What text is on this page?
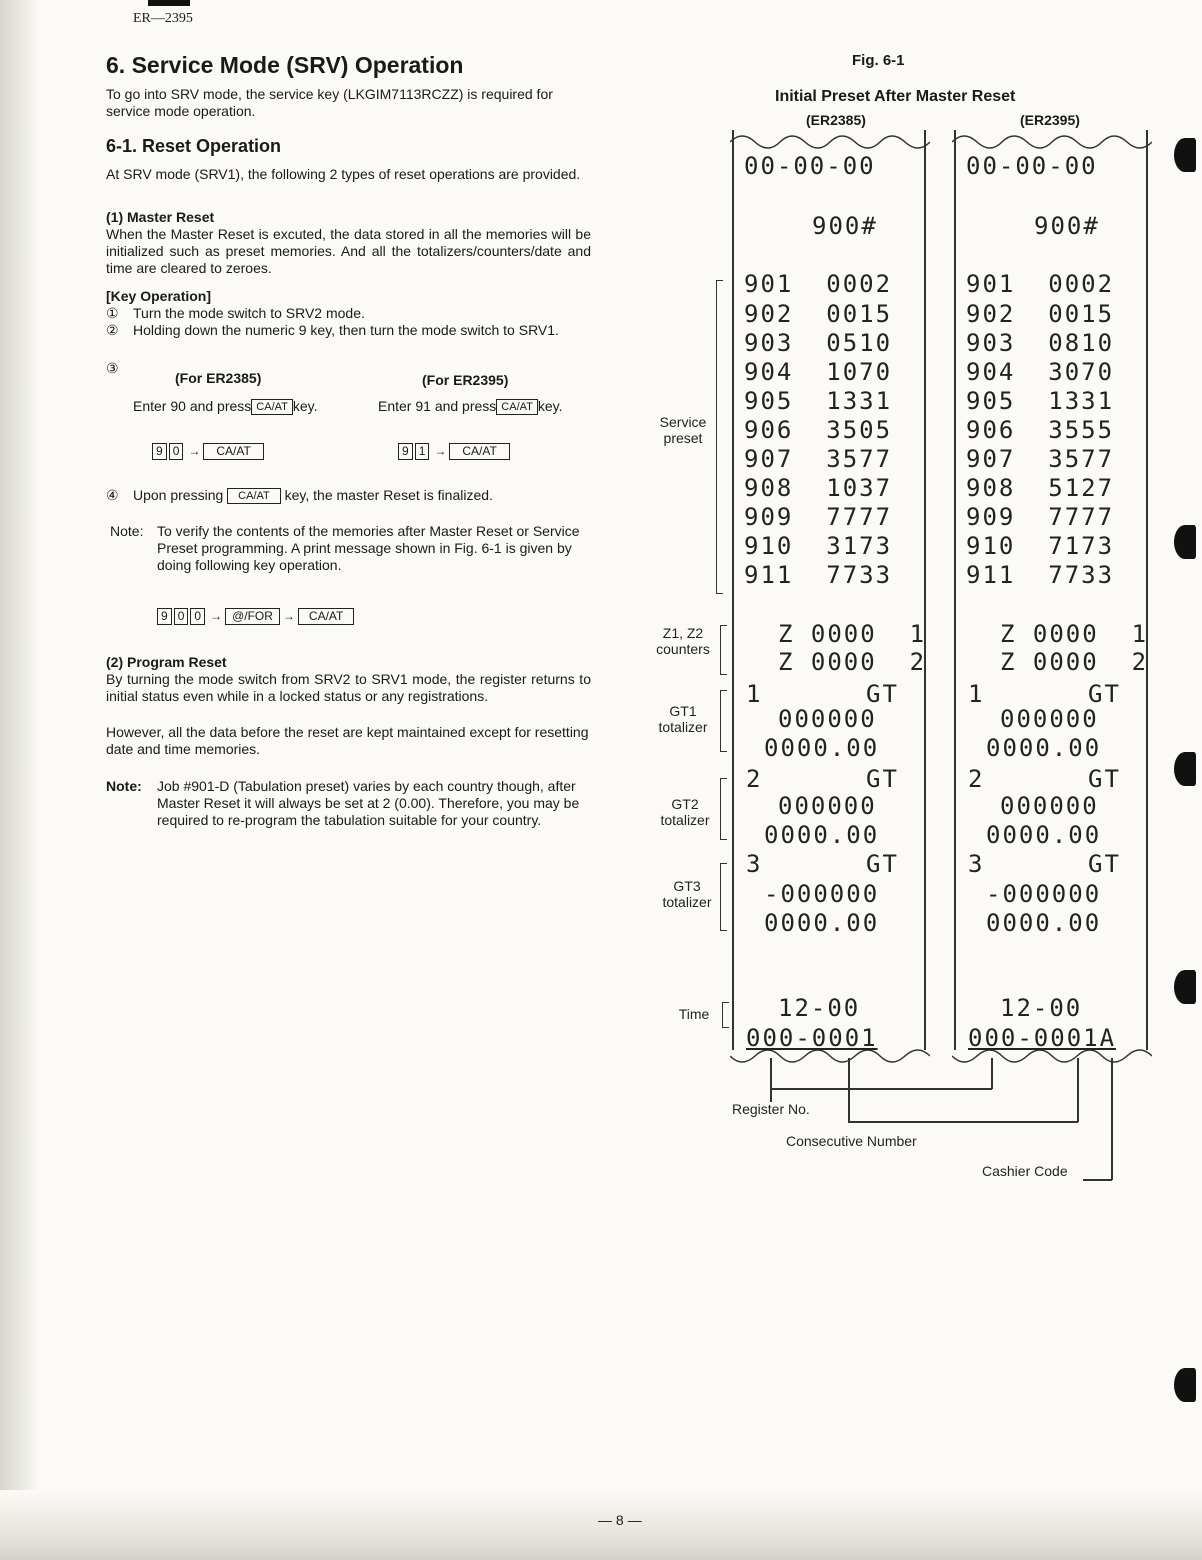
ER—2395
6. Service Mode (SRV) Operation
To go into SRV mode, the service key (LKGIM7113RCZZ) is required for service mode operation.
6-1. Reset Operation
At SRV mode (SRV1), the following 2 types of reset operations are provided.
(1) Master Reset
When the Master Reset is excuted, the data stored in all the memories will be initialized such as preset memories. And all the totalizers/counters/date and time are cleared to zeroes.
[Key Operation]
① Turn the mode switch to SRV2 mode.
② Holding down the numeric 9 key, then turn the mode switch to SRV1.
③
(For ER2385)	(For ER2395)
Enter 90 and press CA/AT key.	Enter 91 and press CA/AT key.
9 0 → CA/AT	9 1 → CA/AT
④ Upon pressing CA/AT key, the master Reset is finalized.
Note: To verify the contents of the memories after Master Reset or Service Preset programming. A print message shown in Fig. 6-1 is given by doing following key operation.
9 0 0 → @/FOR → CA/AT
(2) Program Reset
By turning the mode switch from SRV2 to SRV1 mode, the register returns to initial status even while in a locked status or any registrations.
However, all the data before the reset are kept maintained except for resetting date and time memories.
Note: Job #901-D (Tabulation preset) varies by each country though, after Master Reset it will always be set at 2 (0.00). Therefore, you may be required to re-program the tabulation suitable for your country.
Fig. 6-1
Initial Preset After Master Reset
(ER2385)	(ER2395)
00-00-00
900#
901  0002
902  0015
903  0510
904  1070
905  1331
906  3505
907  3577
908  1037
909  7777
910  3173
911  7733
Z 0000  1
Z 0000  2
1	GT
000000
0000.00
2	GT
000000
0000.00
3	GT
-000000
0000.00
12-00
000-0001
00-00-00
900#
901  0002
902  0015
903  0810
904  3070
905  1331
906  3555
907  3577
908  5127
909  7777
910  7173
911  7733
Z 0000  1
Z 0000  2
1	GT
000000
0000.00
2	GT
000000
0000.00
3	GT
-000000
0000.00
12-00
000-0001A
Service
preset
Z1, Z2
counters
GT1
totalizer
GT2
totalizer
GT3
totalizer
Time
Register No.
Consecutive Number
Cashier Code
— 8 —
